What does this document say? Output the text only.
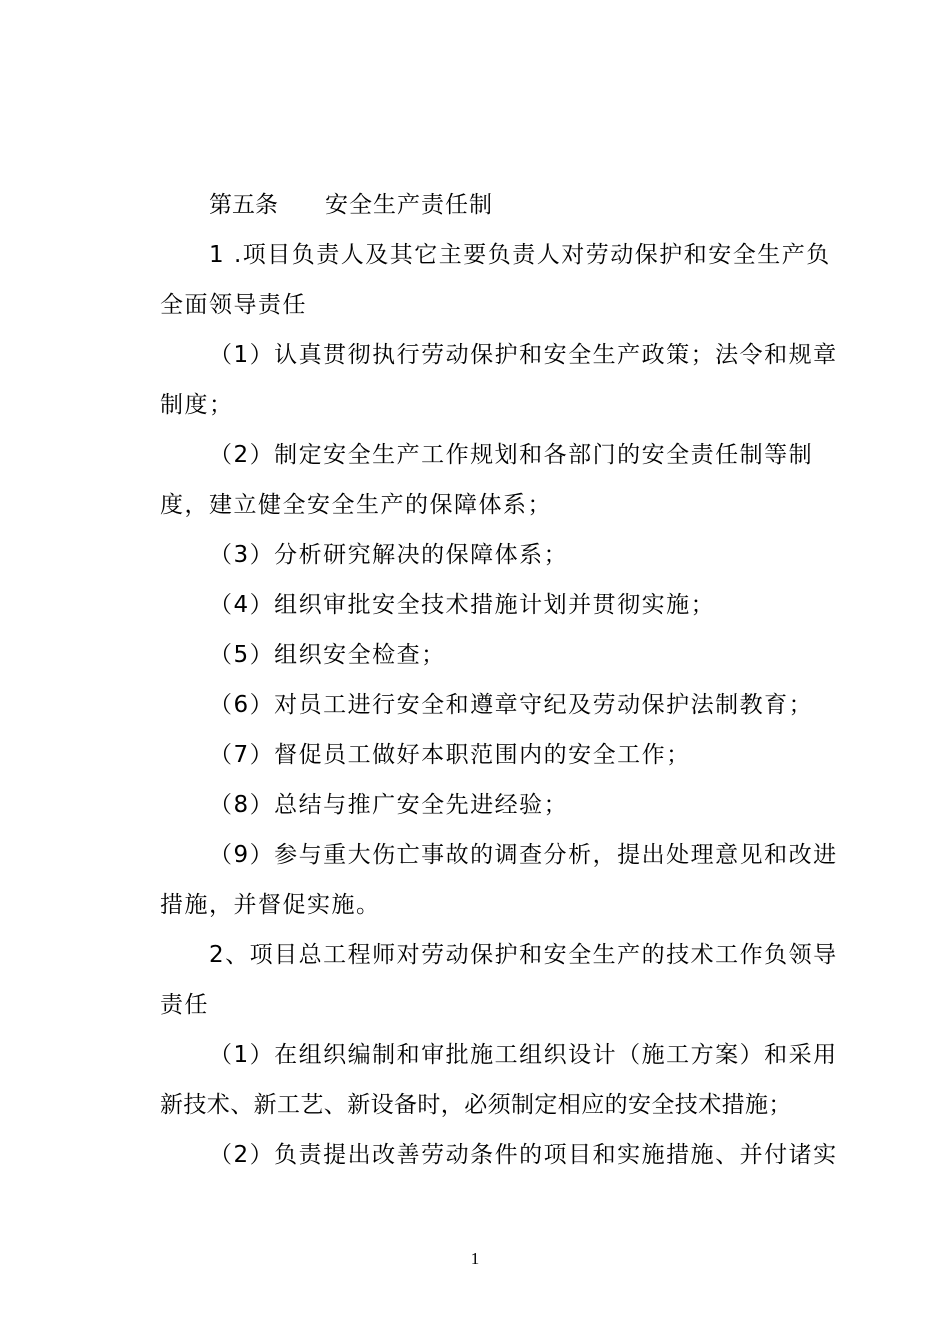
第五条 安全生产责任制
1 .项目负责人及其它主要负责人对劳动保护和安全生产负
全面领导责任
（1）认真贯彻执行劳动保护和安全生产政策；法令和规章
制度；
（2）制定安全生产工作规划和各部门的安全责任制等制
度，建立健全安全生产的保障体系；
（3）分析研究解决的保障体系；
（4）组织审批安全技术措施计划并贯彻实施；
（5）组织安全检查；
（6）对员工进行安全和遵章守纪及劳动保护法制教育；
（7）督促员工做好本职范围内的安全工作；
（8）总结与推广安全先进经验；
（9）参与重大伤亡事故的调查分析，提出处理意见和改进
措施，并督促实施。
2、项目总工程师对劳动保护和安全生产的技术工作负领导
责任
（1）在组织编制和审批施工组织设计（施工方案）和采用
新技术、新工艺、新设备时，必须制定相应的安全技术措施；
（2）负责提出改善劳动条件的项目和实施措施、并付诸实
1
